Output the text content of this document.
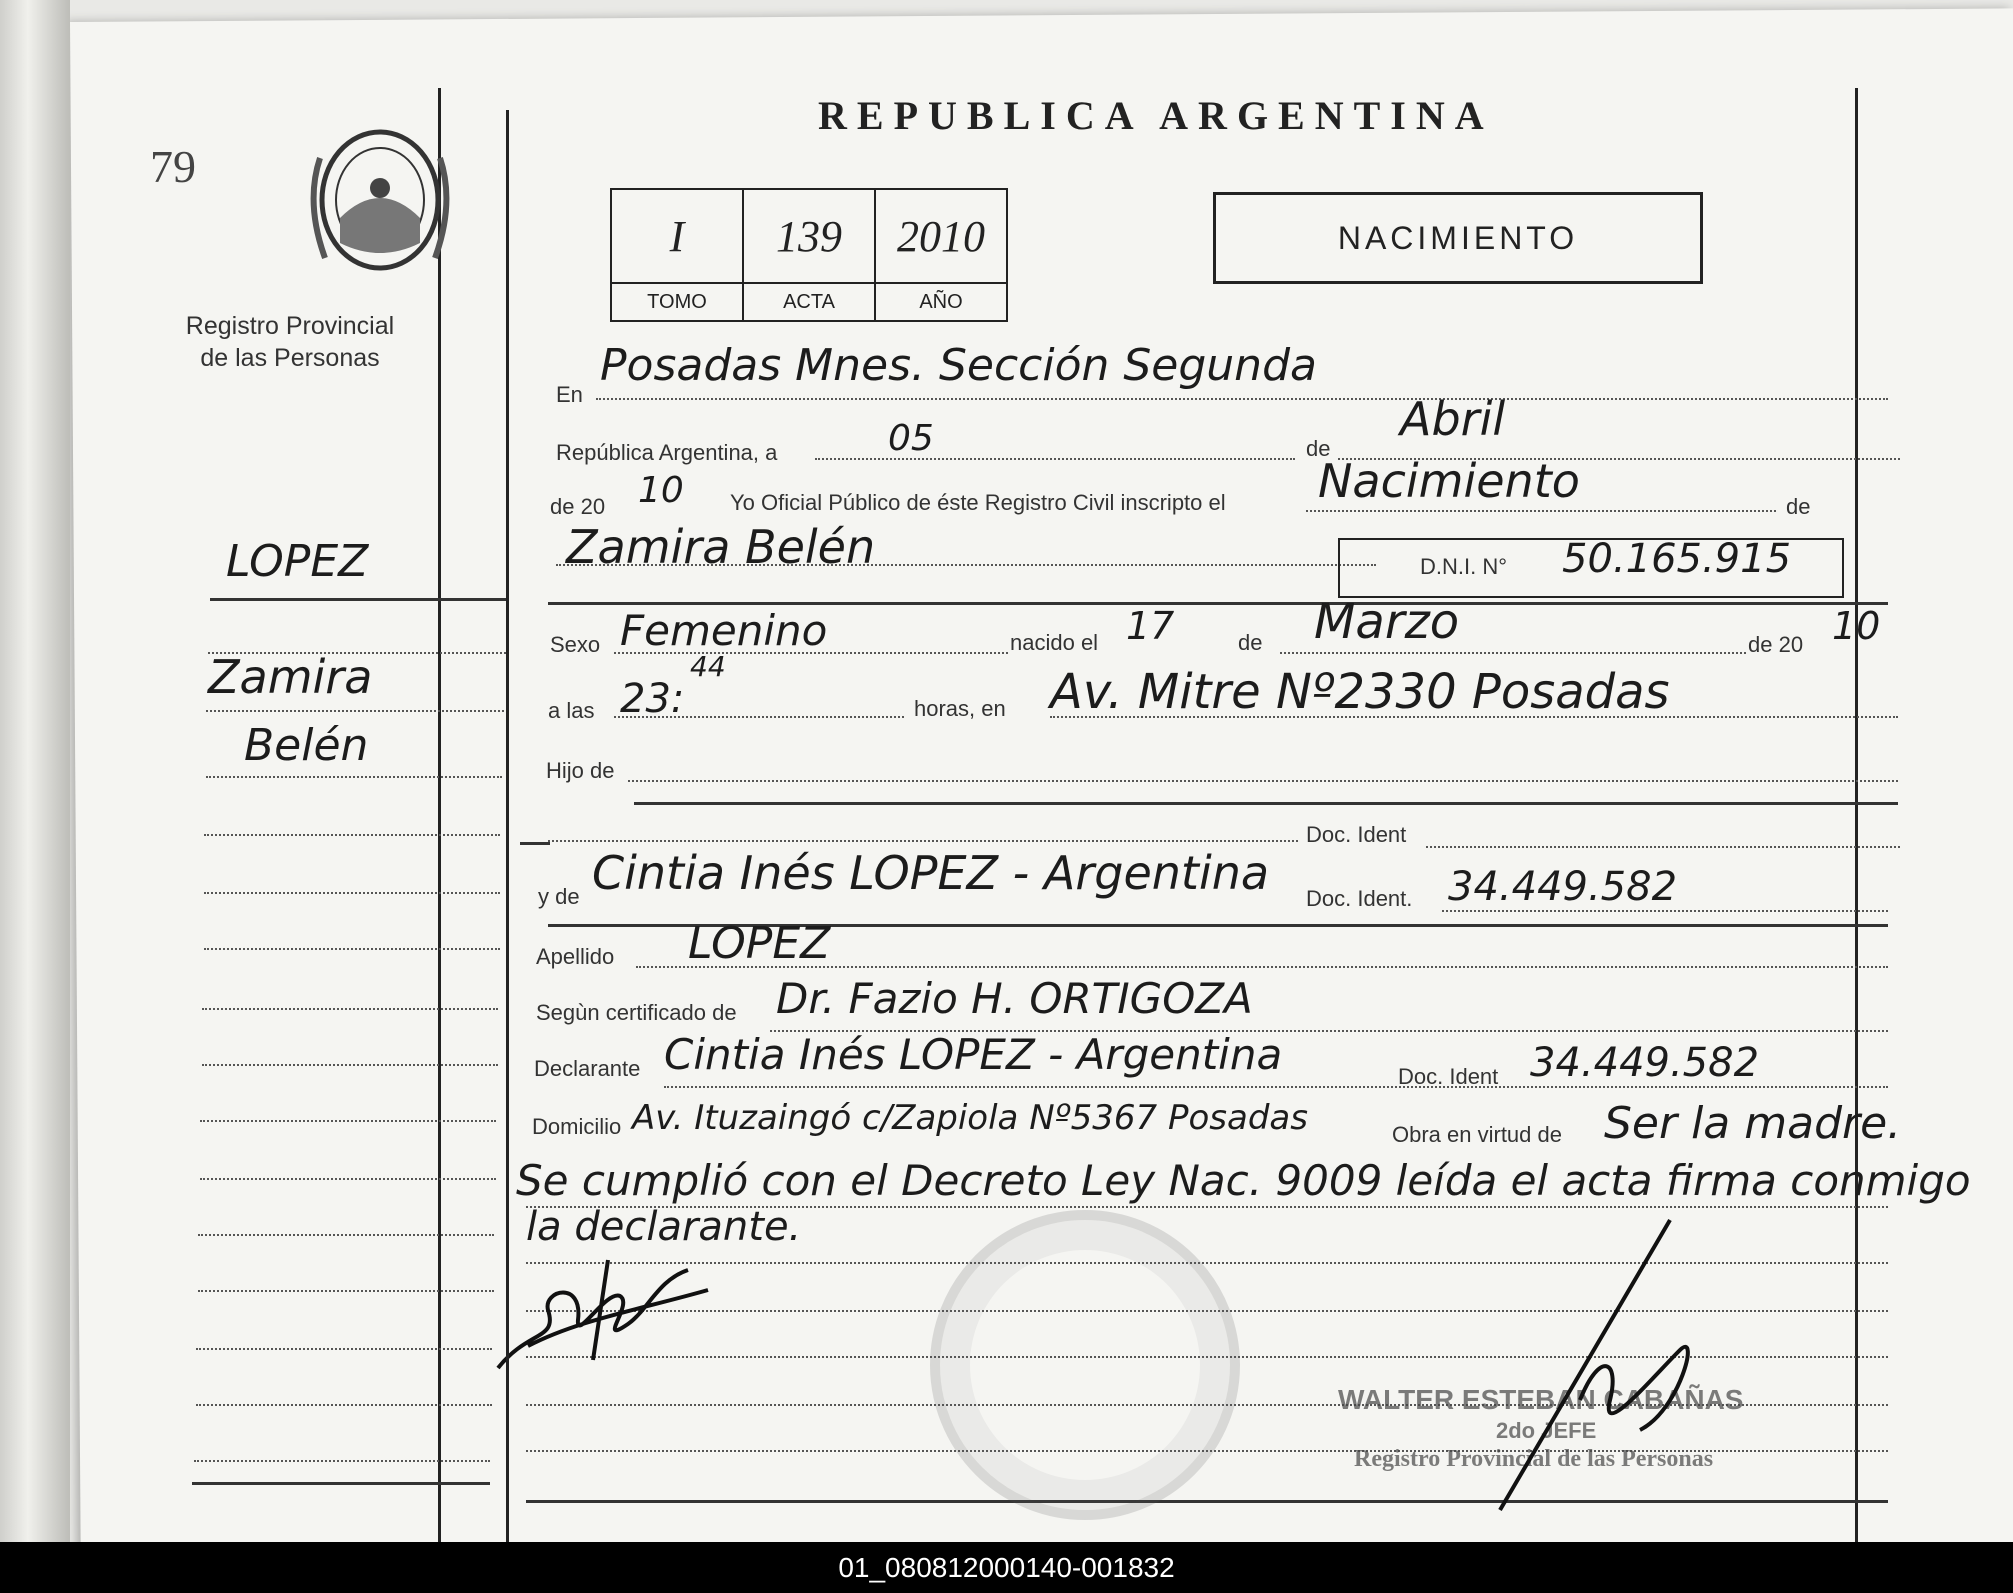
79
Registro Provincial
de las Personas
REPUBLICA ARGENTINA
I	139	2010
TOMO	ACTA	AÑO
NACIMIENTO
En
Posadas Mnes. Sección Segunda
República Argentina, a	05	de
Abril
de 20 10 Yo Oficial Público de éste Registro Civil inscripto el Nacimiento	de
Zamira Belén	D.N.I. N° 50.165.915
Sexo Femenino	nacido el 17	de Marzo	de 20 10
a las 23:
44
horas, en Av. Mitre Nº2330 Posadas
Hijo de
Doc. Ident
y de Cintia Inés LOPEZ - Argentina Doc. Ident. 34.449.582
Apellido LOPEZ
Segùn certificado de Dr. Fazio H. ORTIGOZA
Declarante Cintia Inés LOPEZ - Argentina	Doc. Ident 34.449.582
Domicilio Av. Ituzaingó c/Zapiola Nº5367 Posadas	Obra en virtud de Ser la madre.
Se cumplió con el Decreto Ley Nac. 9009 leída el acta firma conmigo
la declarante.
WALTER ESTEBAN CABAÑAS
2do JEFE
Registro Provincial de las Personas
LOPEZ
Zamira
Belén
01_080812000140-001832
